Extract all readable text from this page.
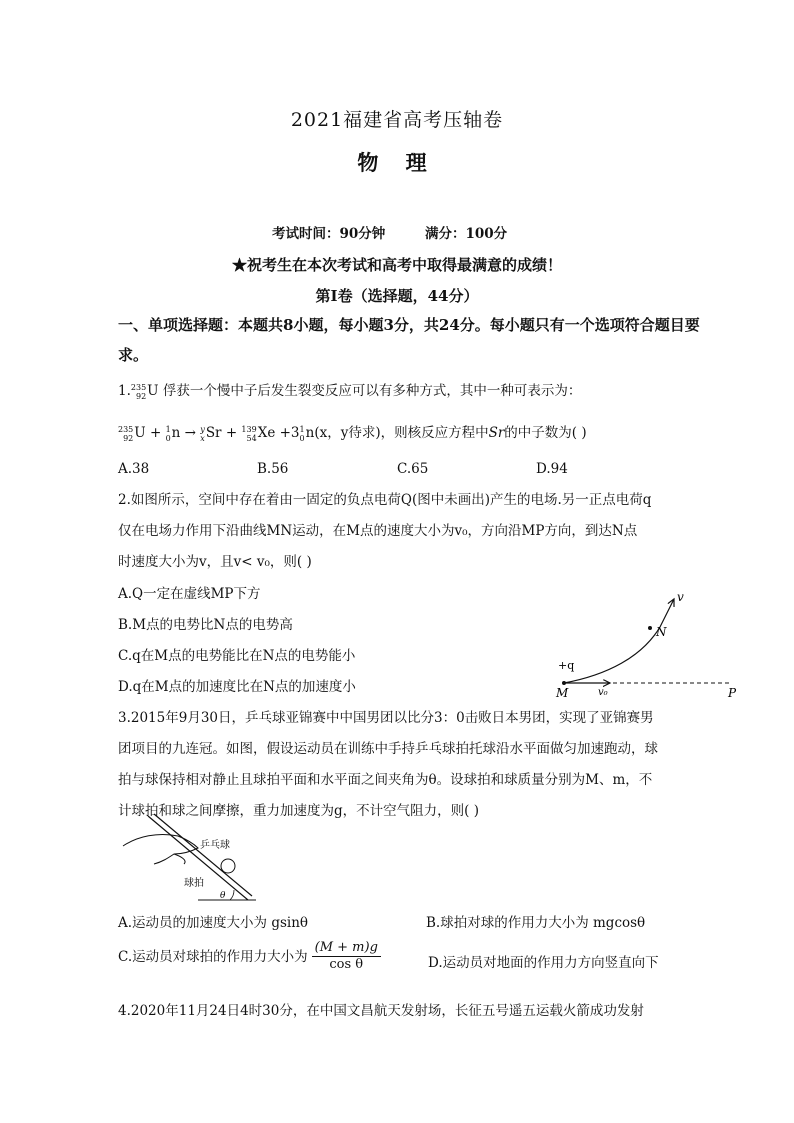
2021福建省高考压轴卷
物 理
考试时间：90分钟	满分：100分
★祝考生在本次考试和高考中取得最满意的成绩！
第Ⅰ卷（选择题，44分）
一、单项选择题：本题共8小题，每小题3分，共24分。每小题只有一个选项符合题目要
求。
1. 235
92 U 俘获一个慢中子后发生裂变反应可以有多种方式，其中一种可表示为：
235
92 U + 1
0 n → y
x Sr + 139
54 Xe +3 1
0 n(x，y待求)，则核反应方程中Sr的中子数为( )
A.38	B.56	C.65	D.94
2.如图所示，空间中存在着由一固定的负点电荷Q(图中未画出)产生的电场.另一正点电荷q
仅在电场力作用下沿曲线MN运动，在M点的速度大小为v₀，方向沿MP方向，到达N点
时速度大小为v，且v< v₀，则( )
A.Q一定在虚线MP下方
B.M点的电势比N点的电势高
C.q在M点的电势能比在N点的电势能小
D.q在M点的加速度比在N点的加速度小
v
N
+q
M	v₀	P
3.2015年9月30日，乒乓球亚锦赛中中国男团以比分3：0击败日本男团，实现了亚锦赛男
团项目的九连冠。如图，假设运动员在训练中手持乒乓球拍托球沿水平面做匀加速跑动，球
拍与球保持相对静止且球拍平面和水平面之间夹角为θ。设球拍和球质量分别为M、m，不
计球拍和球之间摩擦，重力加速度为g，不计空气阻力，则( )
乒乓球
球拍
θ
A.运动员的加速度大小为 gsinθ	B.球拍对球的作用力大小为 mgcosθ
C.运动员对球拍的作用力大小为 $\frac{(M + m)g}{\text{cos θ}}$	D.运动员对地面的作用力方向竖直向下
4.2020年11月24日4时30分，在中国文昌航天发射场，长征五号遥五运载火箭成功发射
